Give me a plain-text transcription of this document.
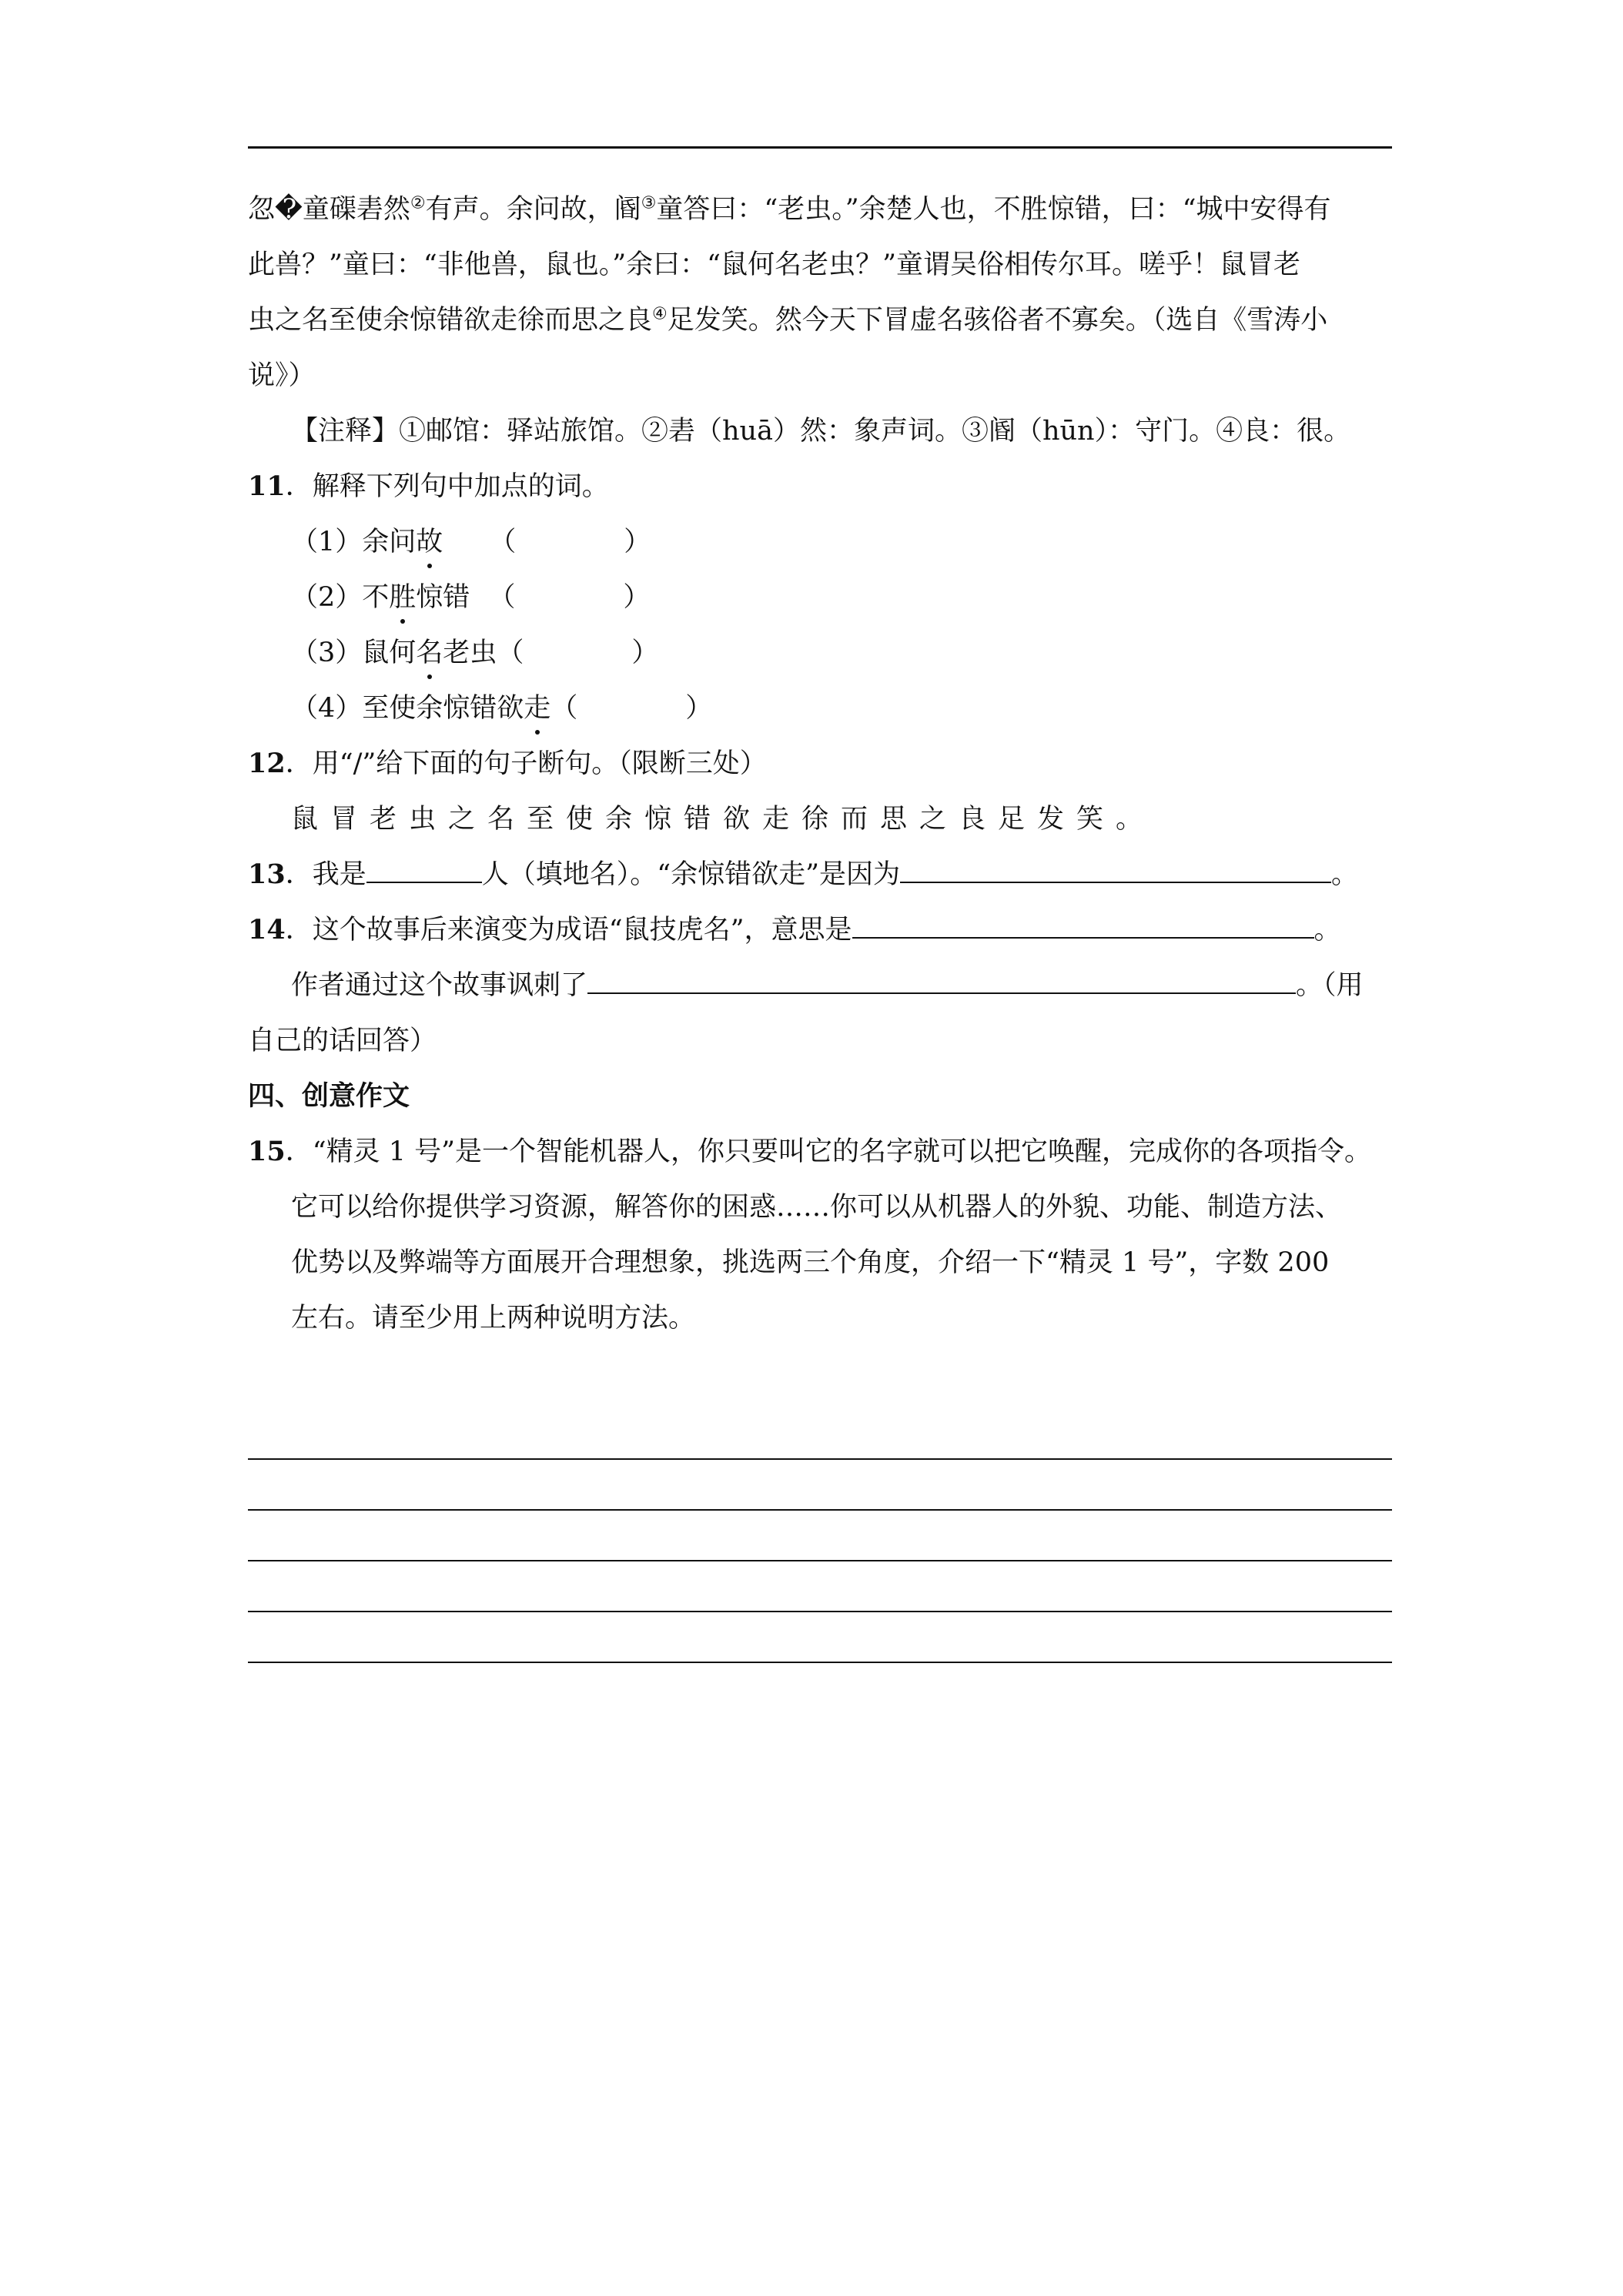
忽�童磲砉然②有声。余问故，阍③童答曰：“老虫。”余楚人也，不胜惊错，曰：“城中安得有

此兽？”童曰：“非他兽，鼠也。”余曰：“鼠何名老虫？”童谓吴俗相传尔耳。嗟乎！鼠冒老

虫之名至使余惊错欲走徐而思之良④足发笑。然今天下冒虚名骇俗者不寡矣。（选自《雪涛小

说》）

【注释】①邮馆：驿站旅馆。②砉（huā）然：象声词。③阍（hūn）：守门。④良：很。

11．解释下列句中加点的词。

（1）余问故 （　　　　）

（2）不胜惊错 （　　　　）

（3）鼠何名老虫（　　　　）

（4）至使余惊错欲走（　　　　）

12．用“/”给下面的句子断句。（限断三处）

鼠冒老虫之名至使余惊错欲走徐而思之良足发笑。

13．我是	人（填地名）。“余惊错欲走”是因为	。

14．这个故事后来演变为成语“鼠技虎名”，意思是	。

作者通过这个故事讽刺了	。（用

自己的话回答）

四、创意作文

15．“精灵 1 号”是一个智能机器人，你只要叫它的名字就可以把它唤醒，完成你的各项指令。

它可以给你提供学习资源，解答你的困惑……你可以从机器人的外貌、功能、制造方法、

优势以及弊端等方面展开合理想象，挑选两三个角度，介绍一下“精灵 1 号”，字数 200

左右。请至少用上两种说明方法。
